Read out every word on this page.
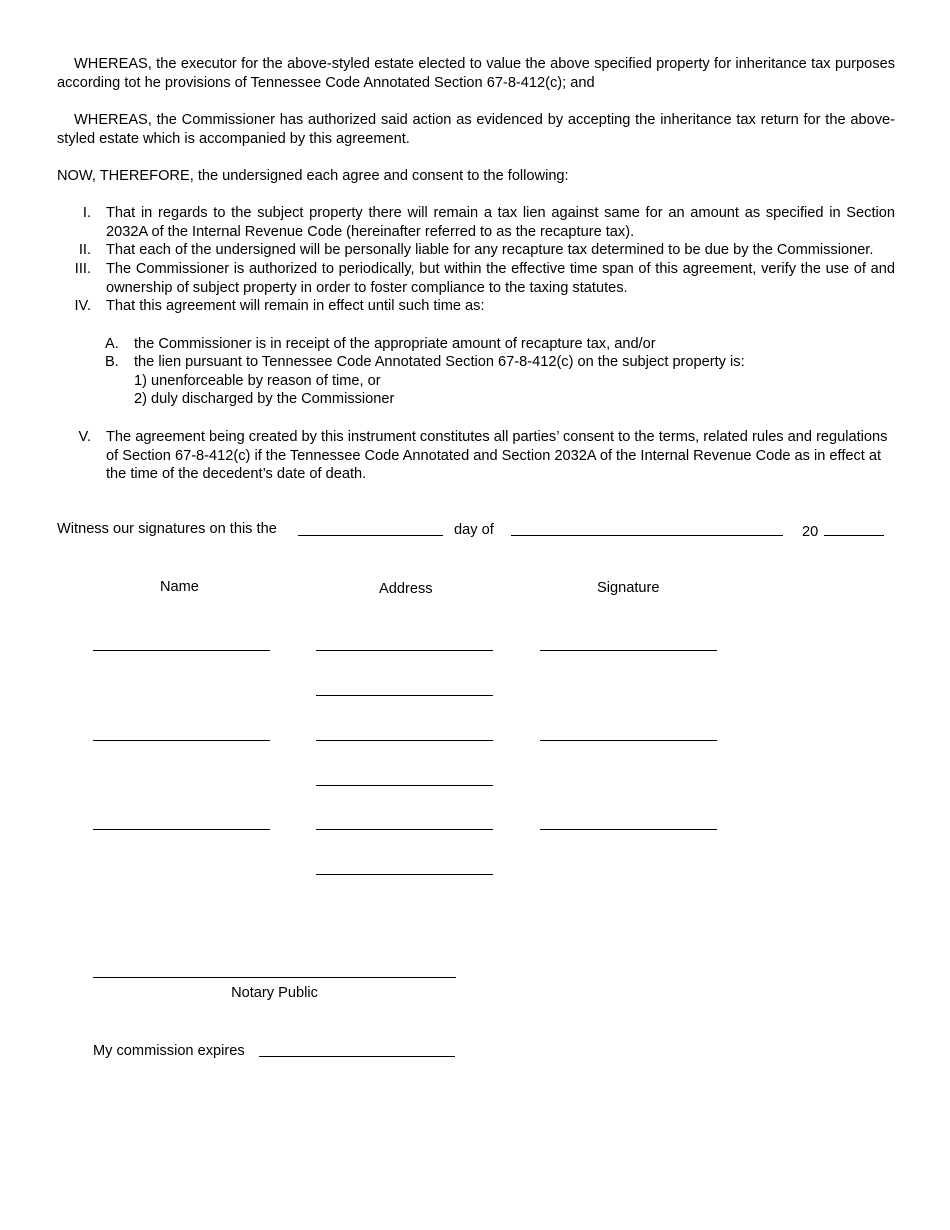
WHEREAS, the executor for the above-styled estate elected to value the above specified property for inheritance tax purposes according tot he provisions of Tennessee Code Annotated Section 67-8-412(c); and
WHEREAS, the Commissioner has authorized said action as evidenced by accepting the inheritance tax return for the above-styled estate which is accompanied by this agreement.
NOW, THEREFORE, the undersigned each agree and consent to the following:
I. That in regards to the subject property there will remain a tax lien against same for an amount as specified in Section 2032A of the Internal Revenue Code (hereinafter referred to as the recapture tax).
II. That each of the undersigned will be personally liable for any recapture tax determined to be due by the Commissioner.
III. The Commissioner is authorized to periodically, but within the effective time span of this agreement, verify the use of and ownership of subject property in order to foster compliance to the taxing statutes.
IV. That this agreement will remain in effect until such time as:
A. the Commissioner is in receipt of the appropriate amount of recapture tax, and/or
B. the lien pursuant to Tennessee Code Annotated Section 67-8-412(c) on the subject property is:
1) unenforceable by reason of time, or
2) duly discharged by the Commissioner
V. The agreement being created by this instrument constitutes all parties’ consent to the terms, related rules and regulations of Section 67-8-412(c) if the Tennessee Code Annotated and Section 2032A of the Internal Revenue Code as in effect at the time of the decedent’s date of death.
Witness our signatures on this the	day of	20
Name	Address	Signature
Notary Public
My commission expires
